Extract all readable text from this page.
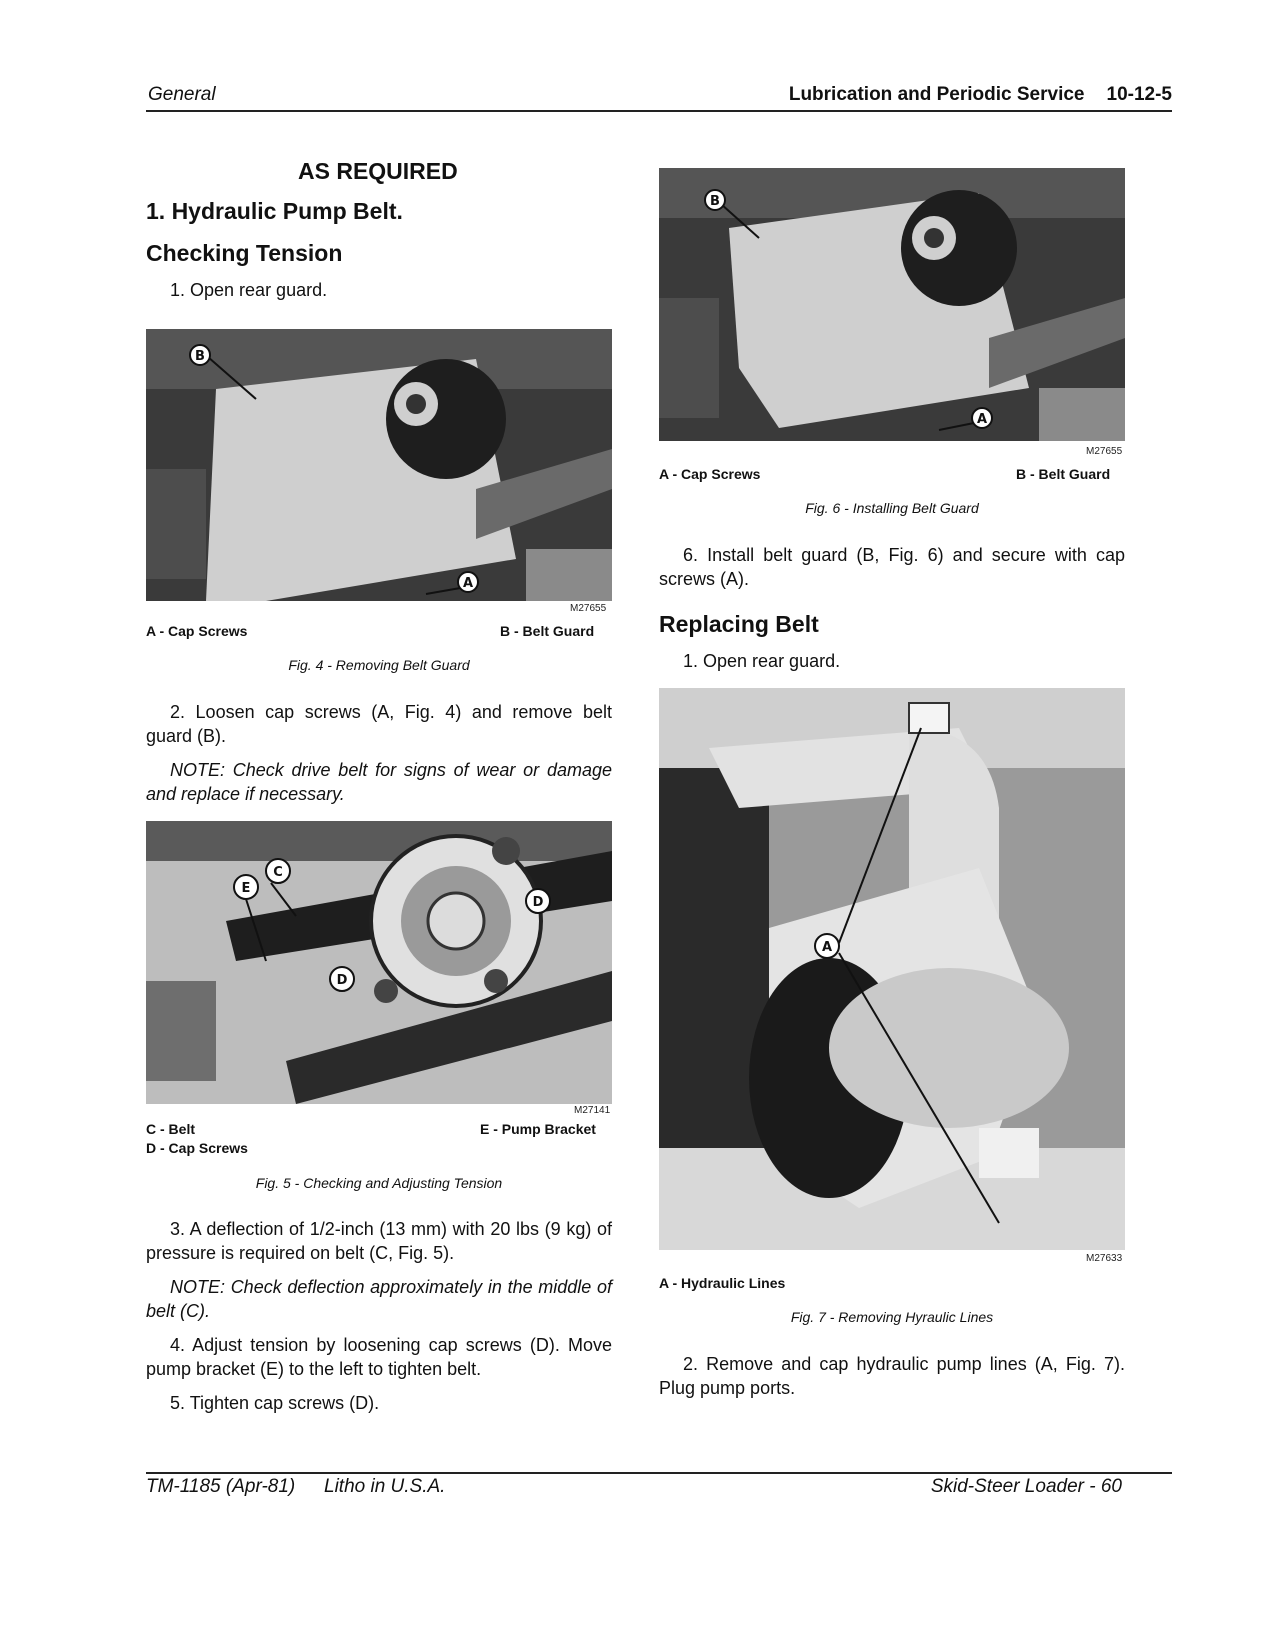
General	Lubrication and Periodic Service 10-12-5
AS REQUIRED
1. Hydraulic Pump Belt.
Checking Tension
1. Open rear guard.
B
A
M27655
A - Cap Screws	B - Belt Guard
Fig. 4 - Removing Belt Guard
2. Loosen cap screws (A, Fig. 4) and remove belt guard (B).
NOTE: Check drive belt for signs of wear or damage and replace if necessary.
E
C
D
D
M27141
C - Belt
D - Cap Screws
E - Pump Bracket
Fig. 5 - Checking and Adjusting Tension
3. A deflection of 1/2-inch (13 mm) with 20 lbs (9 kg) of pressure is required on belt (C, Fig. 5).
NOTE: Check deflection approximately in the middle of belt (C).
4. Adjust tension by loosening cap screws (D). Move pump bracket (E) to the left to tighten belt.
5. Tighten cap screws (D).
B
A
M27655
A - Cap Screws	B - Belt Guard
Fig. 6 - Installing Belt Guard
6. Install belt guard (B, Fig. 6) and secure with cap screws (A).
Replacing Belt
1. Open rear guard.
A
M27633
A - Hydraulic Lines
Fig. 7 - Removing Hyraulic Lines
2. Remove and cap hydraulic pump lines (A, Fig. 7). Plug pump ports.
TM-1185 (Apr-81) Litho in U.S.A.	Skid-Steer Loader - 60
